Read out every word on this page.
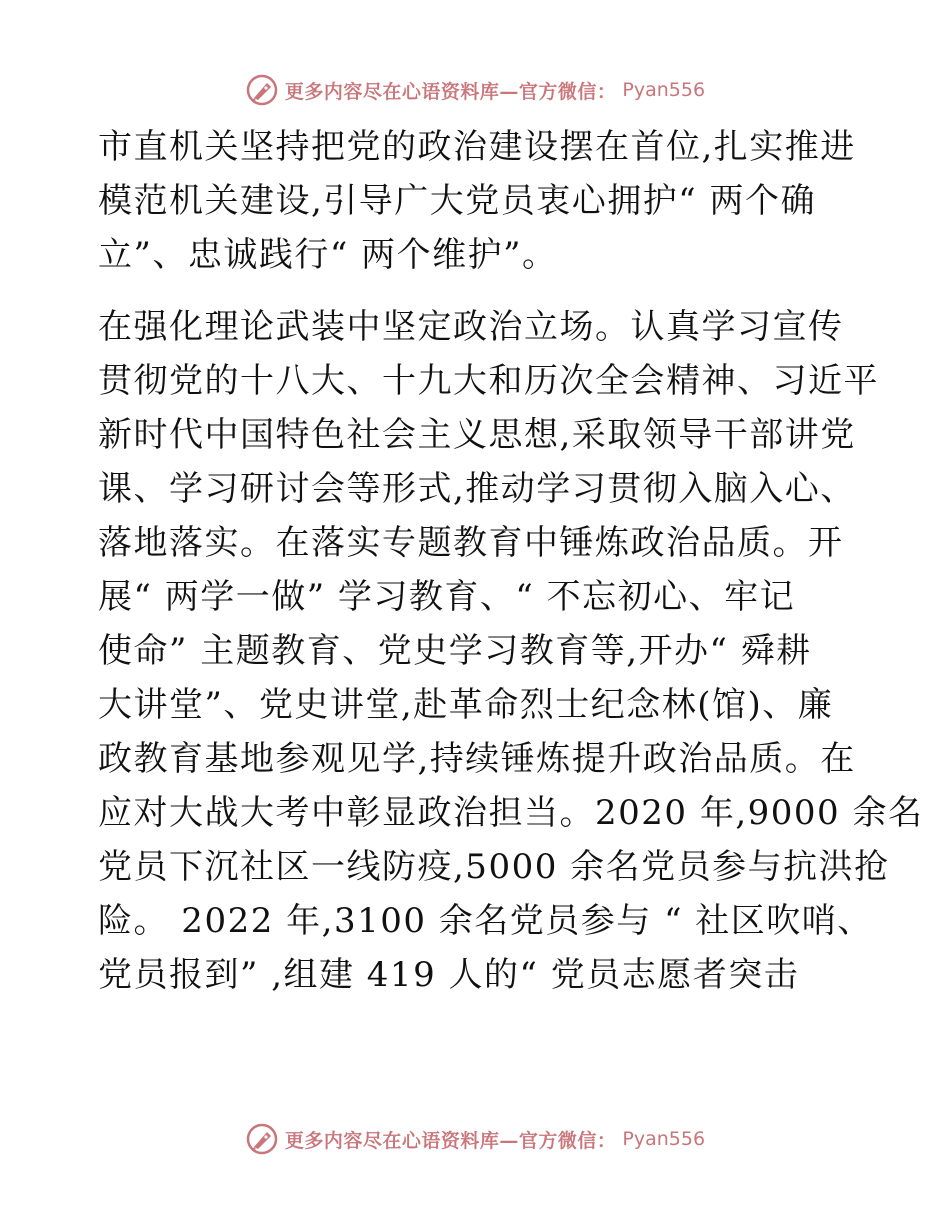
更多内容尽在心语资料库—官方微信： Pyan556
市直机关坚持把党的政治建设摆在首位,扎实推进
模范机关建设,引导广大党员衷心拥护“ 两个确
立”、忠诚践行“ 两个维护”。
在强化理论武装中坚定政治立场。认真学习宣传
贯彻党的十八大、十九大和历次全会精神、习近平
新时代中国特色社会主义思想,采取领导干部讲党
课、学习研讨会等形式,推动学习贯彻入脑入心、
落地落实。在落实专题教育中锤炼政治品质。开
展“ 两学一做” 学习教育、“ 不忘初心、牢记
使命” 主题教育、党史学习教育等,开办“ 舜耕
大讲堂”、党史讲堂,赴革命烈士纪念林(馆)、廉
政教育基地参观见学,持续锤炼提升政治品质。在
应对大战大考中彰显政治担当。2020 年,9000 余名
党员下沉社区一线防疫,5000 余名党员参与抗洪抢
险。 2022 年,3100 余名党员参与 “ 社区吹哨、
党员报到” ,组建 419 人的“ 党员志愿者突击
更多内容尽在心语资料库—官方微信： Pyan556
